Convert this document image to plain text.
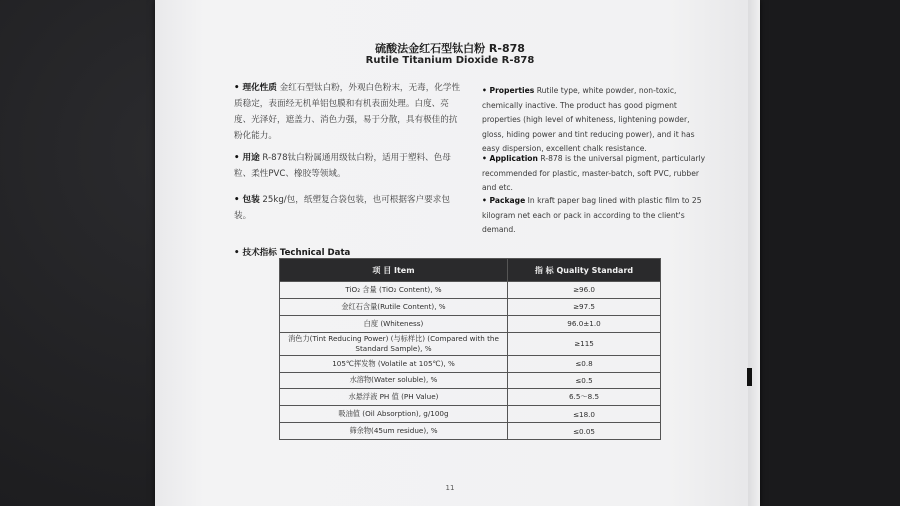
硫酸法金红石型钛白粉 R-878

Rutile Titanium Dioxide R-878

• 理化性质 金红石型钛白粉，外观白色粉末，无毒，化学性质稳定，表面经无机单铝包膜和有机表面处理。白度、亮度、光泽好，遮盖力、消色力强，易于分散，具有极佳的抗粉化能力。

• 用途 R-878钛白粉属通用级钛白粉，适用于塑料、色母粒、柔性PVC、橡胶等领域。

• 包装 25kg/包，纸塑复合袋包装，也可根据客户要求包装。

• Properties Rutile type, white powder, non-toxic, chemically inactive. The product has good pigment properties (high level of whiteness, lightening powder, gloss, hiding power and tint reducing power), and it has easy dispersion, excellent chalk resistance.

• Application R-878 is the universal pigment, particularly recommended for plastic, master-batch, soft PVC, rubber and etc.

• Package In kraft paper bag lined with plastic film to 25 kilogram net each or pack in according to the client's demand.

• 技术指标 Technical Data

项 目 Item	指 标 Quality Standard
TiO₂ 含量 (TiO₂ Content), %	≥96.0
金红石含量(Rutile Content), %	≥97.5
白度 (Whiteness)	96.0±1.0
消色力(Tint Reducing Power) (与标样比) (Compared with the Standard Sample), %	≥115
105℃挥发物 (Volatile at 105℃), %	≤0.8
水溶物(Water soluble), %	≤0.5
水悬浮液 PH 值 (PH Value)	6.5～8.5
吸油值 (Oil Absorption), g/100g	≤18.0
筛余物(45um residue), %	≤0.05

11
